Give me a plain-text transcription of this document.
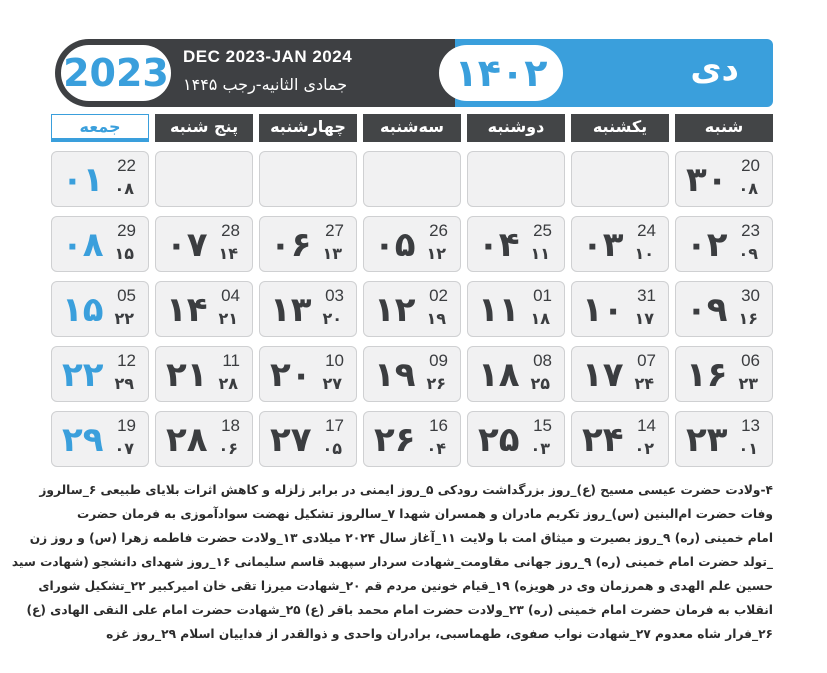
2023 DEC 2023-JAN 2024
جمادی الثانیه-رجب ۱۴۴۵	دی
۱۴۰۲
شنبه
یکشنبه
دوشنبه
سه‌شنبه
چهارشنبه
پنج شنبه
جمعه
۳۰ 20
۰۸
۰۱ 22
۰۸
۰۲ 23
۰۹
۰۳ 24
۱۰
۰۴ 25
۱۱
۰۵ 26
۱۲
۰۶ 27
۱۳
۰۷ 28
۱۴
۰۸ 29
۱۵
۰۹ 30
۱۶
۱۰ 31
۱۷
۱۱ 01
۱۸
۱۲ 02
۱۹
۱۳ 03
۲۰
۱۴ 04
۲۱
۱۵ 05
۲۲
۱۶ 06
۲۳
۱۷ 07
۲۴
۱۸ 08
۲۵
۱۹ 09
۲۶
۲۰ 10
۲۷
۲۱ 11
۲۸
۲۲ 12
۲۹
۲۳ 13
۰۱
۲۴ 14
۰۲
۲۵ 15
۰۳
۲۶ 16
۰۴
۲۷ 17
۰۵
۲۸ 18
۰۶
۲۹ 19
۰۷
۴-ولادت حضرت عیسی مسیح (ع)_روز بزرگداشت رودکی ۵_روز ایمنی در برابر زلزله و کاهش اثرات بلایای طبیعی ۶_سالروز
وفات حضرت ام‌البنین (س)_روز تکریم مادران و همسران شهدا ۷_سالروز تشکیل نهضت سوادآموزی به فرمان حضرت
امام خمینی (ره) ۹_روز بصیرت و میثاق امت با ولایت ۱۱_آغاز سال ۲۰۲۴ میلادی ۱۳_ولادت حضرت فاطمه زهرا (س) و روز زن
_تولد حضرت امام خمینی (ره) ۹_روز جهانی مقاومت_شهادت سردار سپهبد قاسم سلیمانی ۱۶_روز شهدای دانشجو (شهادت سید
حسین علم الهدی و همرزمان وی در هویزه) ۱۹_قیام خونین مردم قم ۲۰_شهادت میرزا تقی خان امیرکبیر ۲۲_تشکیل شورای
انقلاب به فرمان حضرت امام خمینی (ره) ۲۳_ولادت حضرت امام محمد باقر (ع) ۲۵_شهادت حضرت امام علی النقی الهادی (ع)
۲۶_فرار شاه معدوم ۲۷_شهادت نواب صفوی، طهماسبی، برادران واحدی و ذوالقدر از فداییان اسلام ۲۹_روز غزه
